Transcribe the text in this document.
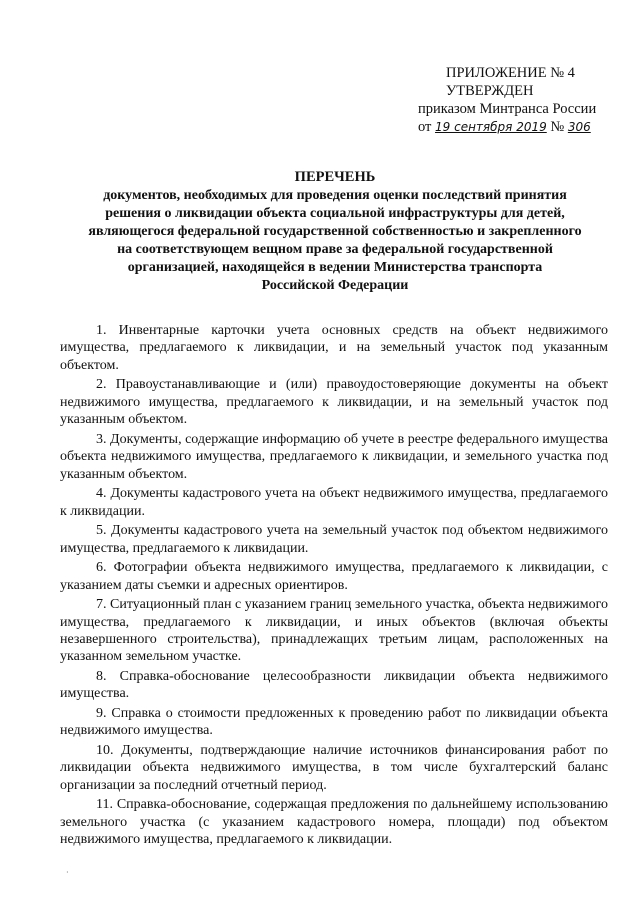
ПРИЛОЖЕНИЕ № 4
УТВЕРЖДЕН
приказом Минтранса России
от 19 сентября 2019 № 306
ПЕРЕЧЕНЬ
документов, необходимых для проведения оценки последствий принятия
решения о ликвидации объекта социальной инфраструктуры для детей,
являющегося федеральной государственной собственностью и закрепленного
на соответствующем вещном праве за федеральной государственной
организацией, находящейся в ведении Министерства транспорта
Российской Федерации

1. Инвентарные карточки учета основных средств на объект недвижимого имущества, предлагаемого к ликвидации, и на земельный участок под указанным объектом.

2. Правоустанавливающие и (или) правоудостоверяющие документы на объект недвижимого имущества, предлагаемого к ликвидации, и на земельный участок под указанным объектом.

3. Документы, содержащие информацию об учете в реестре федерального имущества объекта недвижимого имущества, предлагаемого к ликвидации, и земельного участка под указанным объектом.

4. Документы кадастрового учета на объект недвижимого имущества, предлагаемого к ликвидации.

5. Документы кадастрового учета на земельный участок под объектом недвижимого имущества, предлагаемого к ликвидации.

6. Фотографии объекта недвижимого имущества, предлагаемого к ликвидации, с указанием даты съемки и адресных ориентиров.

7. Ситуационный план с указанием границ земельного участка, объекта недвижимого имущества, предлагаемого к ликвидации, и иных объектов (включая объекты незавершенного строительства), принадлежащих третьим лицам, расположенных на указанном земельном участке.

8. Справка-обоснование целесообразности ликвидации объекта недвижимого имущества.

9. Справка о стоимости предложенных к проведению работ по ликвидации объекта недвижимого имущества.

10. Документы, подтверждающие наличие источников финансирования работ по ликвидации объекта недвижимого имущества, в том числе бухгалтерский баланс организации за последний отчетный период.

11. Справка-обоснование, содержащая предложения по дальнейшему использованию земельного участка (с указанием кадастрового номера, площади) под объектом недвижимого имущества, предлагаемого к ликвидации.

·
